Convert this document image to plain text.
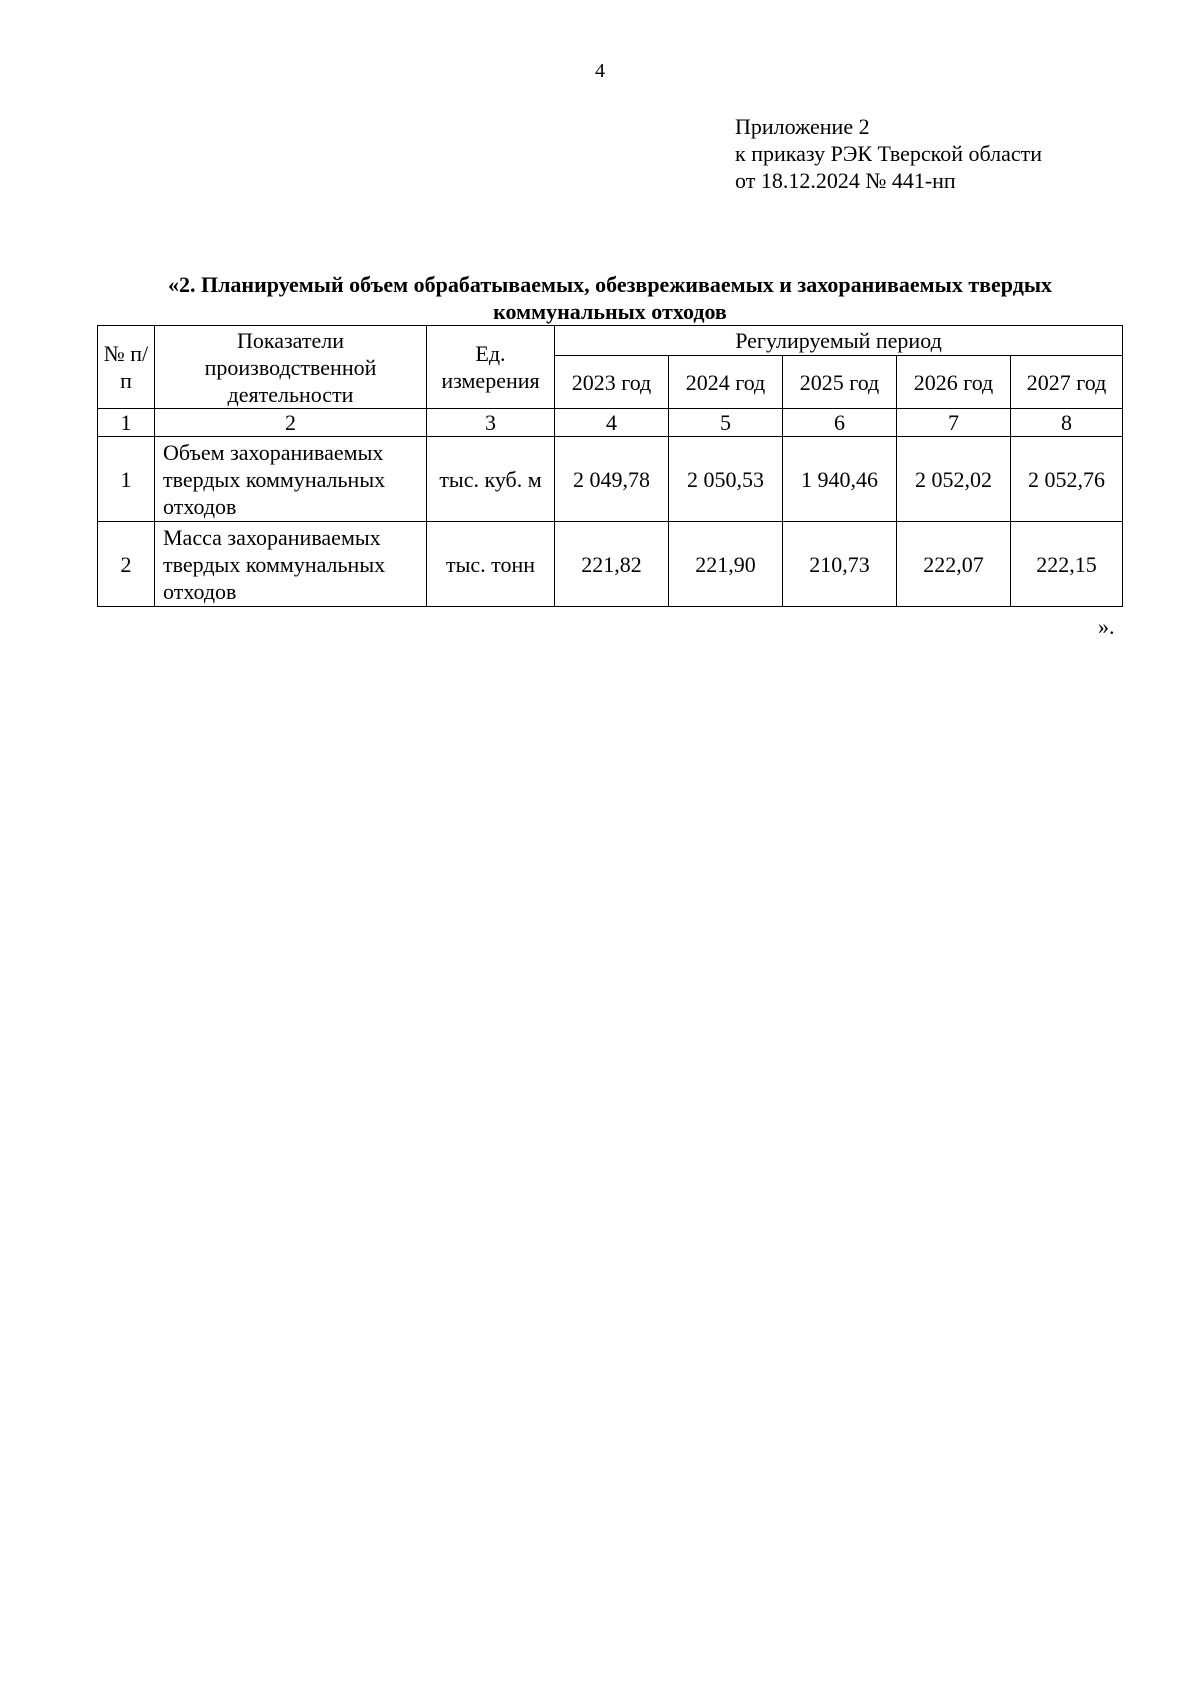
4
Приложение 2
к приказу РЭК Тверской области
от 18.12.2024 № 441-нп
«2. Планируемый объем обрабатываемых, обезвреживаемых и захораниваемых твердых коммунальных отходов
№ п/п	Показатели производственной деятельности	Ед. измерения	Регулируемый период				
			2023 год	2024 год	2025 год	2026 год	2027 год
1	2	3	4	5	6	7	8
1	Объем захораниваемых твердых коммунальных отходов	тыс. куб. м	2 049,78	2 050,53	1 940,46	2 052,02	2 052,76
2	Масса захораниваемых твердых коммунальных отходов	тыс. тонн	221,82	221,90	210,73	222,07	222,15
».
